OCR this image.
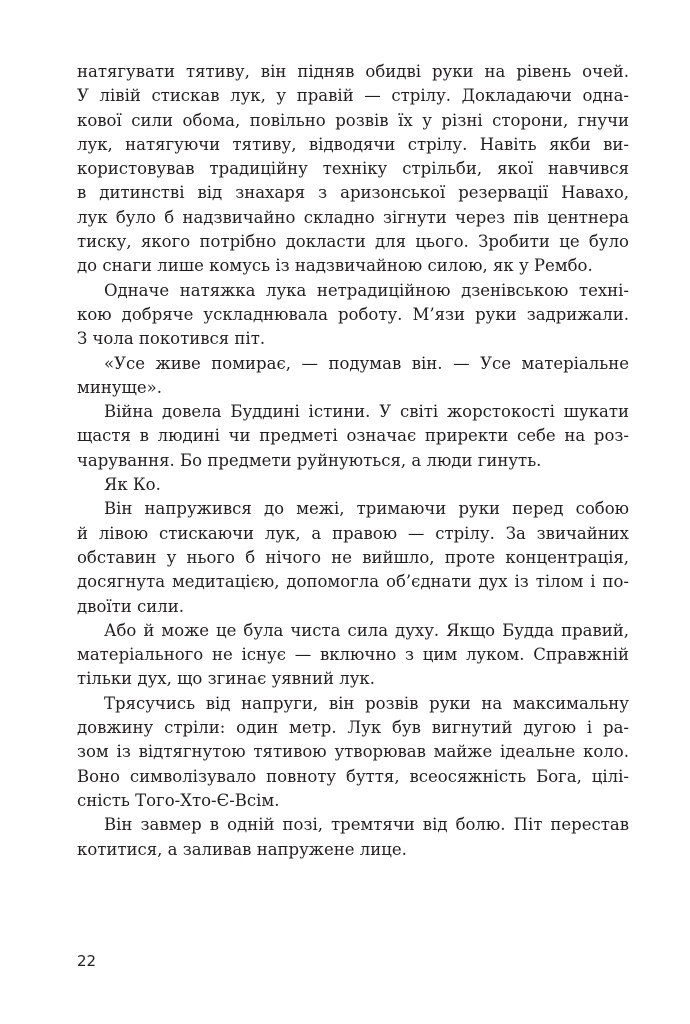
натягувати тятиву, він підняв обидві руки на рівень очей.
У лівій стискав лук, у правій — стрілу. Докладаючи одна-
кової сили обома, повільно розвів їх у різні сторони, гнучи
лук, натягуючи тятиву, відводячи стрілу. Навіть якби ви-
користовував традиційну техніку стрільби, якої навчився
в дитинстві від знахаря з аризонської резервації Навахо,
лук було б надзвичайно складно зігнути через пів центнера
тиску, якого потрібно докласти для цього. Зробити це було
до снаги лише комусь із надзвичайною силою, як у Рембо.
Одначе натяжка лука нетрадиційною дзенівською техні-
кою добряче ускладнювала роботу. М’язи руки задрижали.
З чола покотився піт.
«Усе живе помирає, — подумав він. — Усе матеріальне
минуще».
Війна довела Буддині істини. У світі жорстокості шукати
щастя в людині чи предметі означає приректи себе на роз-
чарування. Бо предмети руйнуються, а люди гинуть.
Як Ко.
Він напружився до межі, тримаючи руки перед собою
й лівою стискаючи лук, а правою — стрілу. За звичайних
обставин у нього б нічого не вийшло, проте концентрація,
досягнута медитацією, допомогла об’єднати дух із тілом і по-
двоїти сили.
Або й може це була чиста сила духу. Якщо Будда правий,
матеріального не існує — включно з цим луком. Справжній
тільки дух, що згинає уявний лук.
Трясучись від напруги, він розвів руки на максимальну
довжину стріли: один метр. Лук був вигнутий дугою і ра-
зом із відтягнутою тятивою утворював майже ідеальне коло.
Воно символізувало повноту буття, всеосяжність Бога, цілі-
сність Того-Хто-Є-Всім.
Він завмер в одній позі, тремтячи від болю. Піт перестав
котитися, а заливав напружене лице.
22
